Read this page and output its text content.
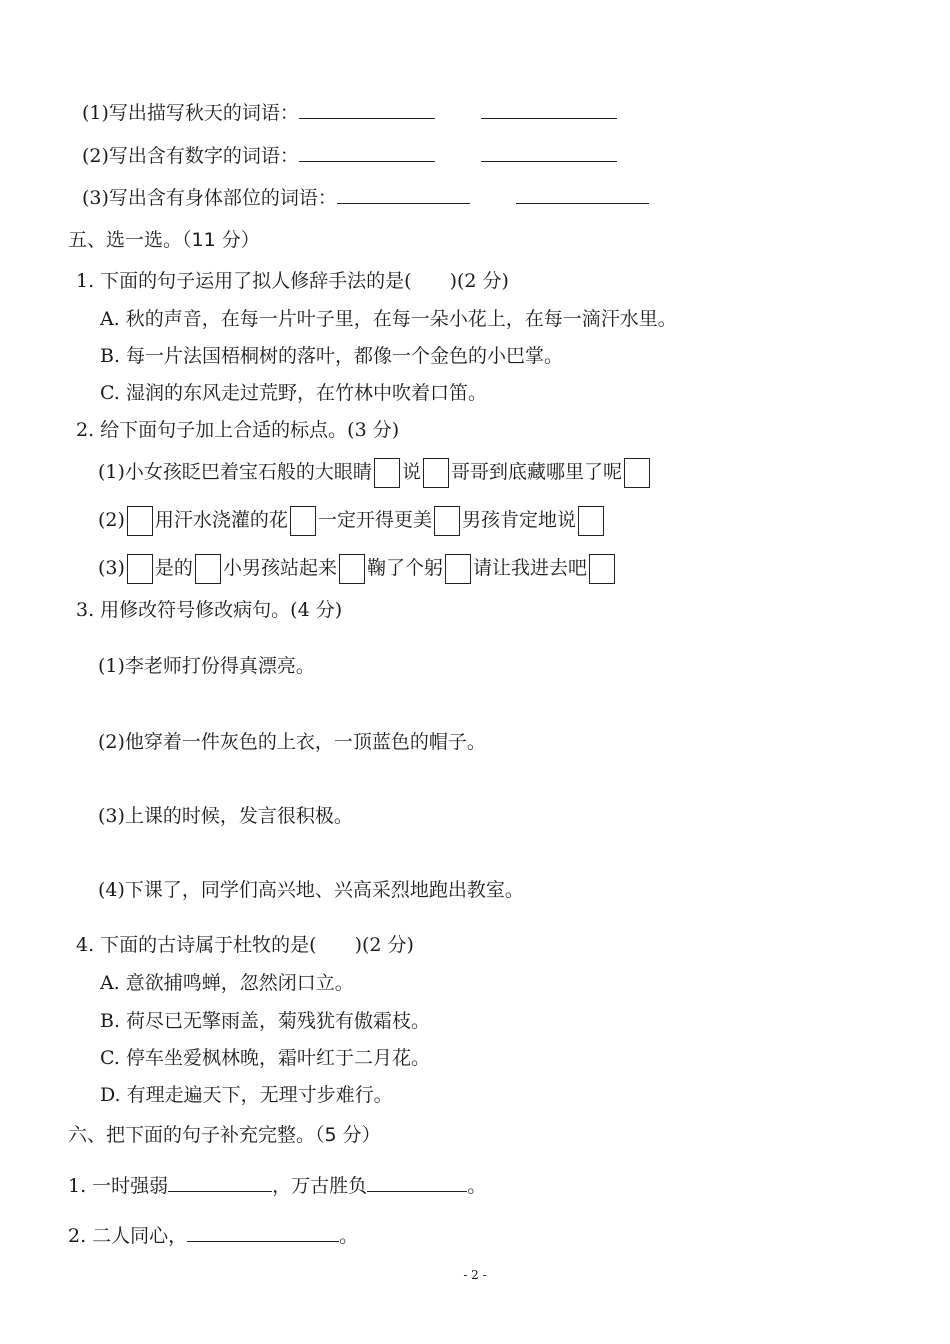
(1)写出描写秋天的词语：
(2)写出含有数字的词语：
(3)写出含有身体部位的词语：
五、选一选。（11 分）
1. 下面的句子运用了拟人修辞手法的是(　　)(2 分)
A. 秋的声音，在每一片叶子里，在每一朵小花上，在每一滴汗水里。
B. 每一片法国梧桐树的落叶，都像一个金色的小巴掌。
C. 湿润的东风走过荒野，在竹林中吹着口笛。
2. 给下面句子加上合适的标点。(3 分)
(1)小女孩眨巴着宝石般的大眼睛 说 哥哥到底藏哪里了呢
(2) 用汗水浇灌的花 一定开得更美 男孩肯定地说
(3) 是的 小男孩站起来 鞠了个躬 请让我进去吧
3. 用修改符号修改病句。(4 分)
(1)李老师打份得真漂亮。
(2)他穿着一件灰色的上衣，一顶蓝色的帽子。
(3)上课的时候，发言很积极。
(4)下课了，同学们高兴地、兴高采烈地跑出教室。
4. 下面的古诗属于杜牧的是(　　)(2 分)
A. 意欲捕鸣蝉，忽然闭口立。
B. 荷尽已无擎雨盖，菊残犹有傲霜枝。
C. 停车坐爱枫林晚，霜叶红于二月花。
D. 有理走遍天下，无理寸步难行。
六、把下面的句子补充完整。（5 分）
1. 一时强弱	，万古胜负	。
2. 二人同心，	。
- 2 -
